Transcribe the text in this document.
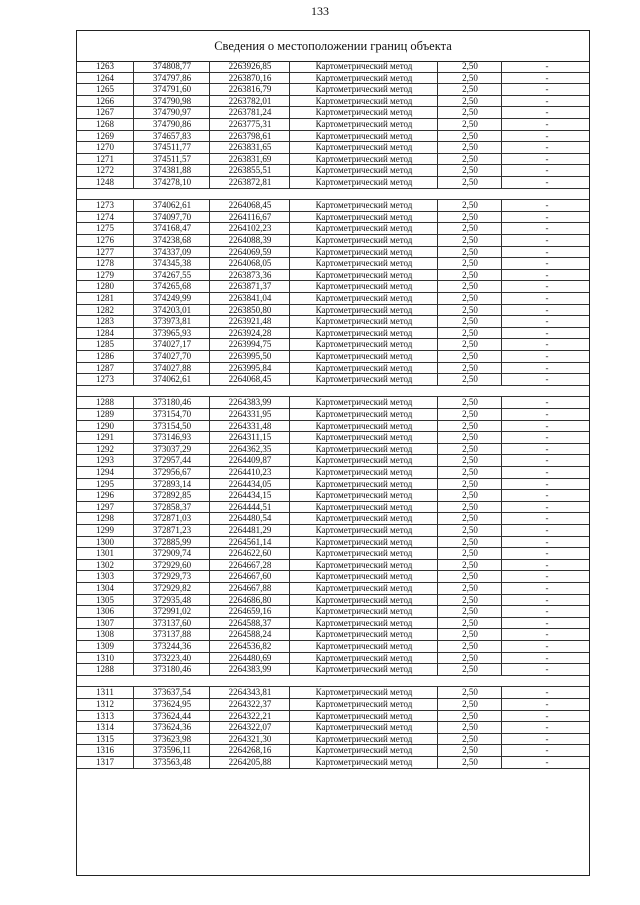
133
Сведения о местоположении границ объекта
1263	374808,77	2263926,85	Картометрический метод	2,50	-
1264	374797,86	2263870,16	Картометрический метод	2,50	-
1265	374791,60	2263816,79	Картометрический метод	2,50	-
1266	374790,98	2263782,01	Картометрический метод	2,50	-
1267	374790,97	2263781,24	Картометрический метод	2,50	-
1268	374790,86	2263775,31	Картометрический метод	2,50	-
1269	374657,83	2263798,61	Картометрический метод	2,50	-
1270	374511,77	2263831,65	Картометрический метод	2,50	-
1271	374511,57	2263831,69	Картометрический метод	2,50	-
1272	374381,88	2263855,51	Картометрический метод	2,50	-
1248	374278,10	2263872,81	Картометрический метод	2,50	-
1273	374062,61	2264068,45	Картометрический метод	2,50	-
1274	374097,70	2264116,67	Картометрический метод	2,50	-
1275	374168,47	2264102,23	Картометрический метод	2,50	-
1276	374238,68	2264088,39	Картометрический метод	2,50	-
1277	374337,09	2264069,59	Картометрический метод	2,50	-
1278	374345,38	2264068,05	Картометрический метод	2,50	-
1279	374267,55	2263873,36	Картометрический метод	2,50	-
1280	374265,68	2263871,37	Картометрический метод	2,50	-
1281	374249,99	2263841,04	Картометрический метод	2,50	-
1282	374203,01	2263850,80	Картометрический метод	2,50	-
1283	373973,81	2263921,48	Картометрический метод	2,50	-
1284	373965,93	2263924,28	Картометрический метод	2,50	-
1285	374027,17	2263994,75	Картометрический метод	2,50	-
1286	374027,70	2263995,50	Картометрический метод	2,50	-
1287	374027,88	2263995,84	Картометрический метод	2,50	-
1273	374062,61	2264068,45	Картометрический метод	2,50	-
1288	373180,46	2264383,99	Картометрический метод	2,50	-
1289	373154,70	2264331,95	Картометрический метод	2,50	-
1290	373154,50	2264331,48	Картометрический метод	2,50	-
1291	373146,93	2264311,15	Картометрический метод	2,50	-
1292	373037,29	2264362,35	Картометрический метод	2,50	-
1293	372957,44	2264409,87	Картометрический метод	2,50	-
1294	372956,67	2264410,23	Картометрический метод	2,50	-
1295	372893,14	2264434,05	Картометрический метод	2,50	-
1296	372892,85	2264434,15	Картометрический метод	2,50	-
1297	372858,37	2264444,51	Картометрический метод	2,50	-
1298	372871,03	2264480,54	Картометрический метод	2,50	-
1299	372871,23	2264481,29	Картометрический метод	2,50	-
1300	372885,99	2264561,14	Картометрический метод	2,50	-
1301	372909,74	2264622,60	Картометрический метод	2,50	-
1302	372929,60	2264667,28	Картометрический метод	2,50	-
1303	372929,73	2264667,60	Картометрический метод	2,50	-
1304	372929,82	2264667,88	Картометрический метод	2,50	-
1305	372935,48	2264686,80	Картометрический метод	2,50	-
1306	372991,02	2264659,16	Картометрический метод	2,50	-
1307	373137,60	2264588,37	Картометрический метод	2,50	-
1308	373137,88	2264588,24	Картометрический метод	2,50	-
1309	373244,36	2264536,82	Картометрический метод	2,50	-
1310	373223,40	2264480,69	Картометрический метод	2,50	-
1288	373180,46	2264383,99	Картометрический метод	2,50	-
1311	373637,54	2264343,81	Картометрический метод	2,50	-
1312	373624,95	2264322,37	Картометрический метод	2,50	-
1313	373624,44	2264322,21	Картометрический метод	2,50	-
1314	373624,36	2264322,07	Картометрический метод	2,50	-
1315	373623,98	2264321,30	Картометрический метод	2,50	-
1316	373596,11	2264268,16	Картометрический метод	2,50	-
1317	373563,48	2264205,88	Картометрический метод	2,50	-
